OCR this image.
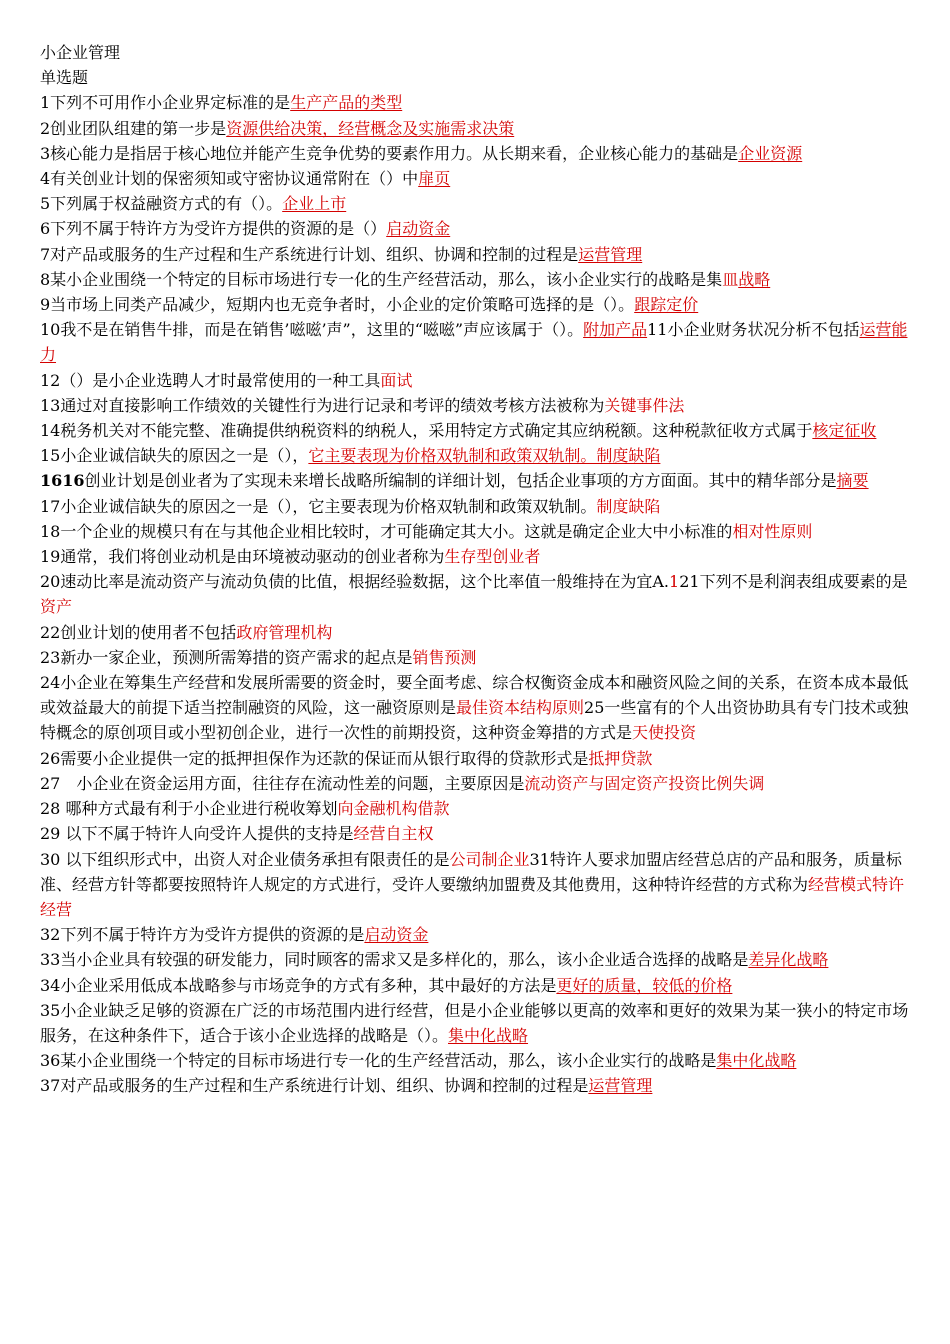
小企业管理

单选题

1下列不可用作小企业界定标准的是生产产品的类型

2创业团队组建的第一步是资源供给决策，经营概念及实施需求决策

3核心能力是指居于核心地位并能产生竞争优势的要素作用力。从长期来看，企业核心能力的基础是企业资源

4有关创业计划的保密须知或守密协议通常附在（）中扉页

5下列属于权益融资方式的有（）。企业上市

6下列不属于特许方为受许方提供的资源的是（）启动资金

7对产品或服务的生产过程和生产系统进行计划、组织、协调和控制的过程是运营管理

8某小企业围绕一个特定的目标市场进行专一化的生产经营活动，那么，该小企业实行的战略是集皿战略

9当市场上同类产品减少，短期内也无竞争者时，小企业的定价策略可选择的是（）。跟踪定价

10我不是在销售牛排，而是在销售’嗞嗞’声”，这里的“嗞嗞”声应该属于（）。附加产品11小企业财务状况分析不包括运营能力

12（）是小企业选聘人才时最常使用的一种工具面试

13通过对直接影响工作绩效的关键性行为进行记录和考评的绩效考核方法被称为关键事件法

14税务机关对不能完整、准确提供纳税资料的纳税人，采用特定方式确定其应纳税额。这种税款征收方式属于核定征收

15小企业诚信缺失的原因之一是（），它主要表现为价格双轨制和政策双轨制。制度缺陷

1616创业计划是创业者为了实现未来增长战略所编制的详细计划，包括企业事项的方方面面。其中的精华部分是摘要

17小企业诚信缺失的原因之一是（），它主要表现为价格双轨制和政策双轨制。制度缺陷

18一个企业的规模只有在与其他企业相比较时，才可能确定其大小。这就是确定企业大中小标准的相对性原则

19通常，我们将创业动机是由环境被动驱动的创业者称为生存型创业者

20速动比率是流动资产与流动负债的比值，根据经验数据，这个比率值一般维持在为宜A.121下列不是利润表组成要素的是资产

22创业计划的使用者不包括政府管理机构

23新办一家企业，预测所需筹措的资产需求的起点是销售预测

24小企业在筹集生产经营和发展所需要的资金时，要全面考虑、综合权衡资金成本和融资风险之间的关系，在资本成本最低或效益最大的前提下适当控制融资的风险，这一融资原则是最佳资本结构原则25一些富有的个人出资协助具有专门技术或独特概念的原创项目或小型初创企业，进行一次性的前期投资，这种资金筹措的方式是天使投资

26需要小企业提供一定的抵押担保作为还款的保证而从银行取得的贷款形式是抵押贷款

27　小企业在资金运用方面，往往存在流动性差的问题，主要原因是流动资产与固定资产投资比例失调

28 哪种方式最有利于小企业进行税收筹划向金融机构借款

29 以下不属于特许人向受许人提供的支持是经营自主权

30 以下组织形式中，出资人对企业债务承担有限责任的是公司制企业31特许人要求加盟店经营总店的产品和服务，质量标准、经营方针等都要按照特许人规定的方式进行，受许人要缴纳加盟费及其他费用，这种特许经营的方式称为经营模式特许经营

32下列不属于特许方为受许方提供的资源的是启动资金

33当小企业具有较强的研发能力，同时顾客的需求又是多样化的，那么，该小企业适合选择的战略是差异化战略

34小企业采用低成本战略参与市场竞争的方式有多种，其中最好的方法是更好的质量，较低的价格

35小企业缺乏足够的资源在广泛的市场范围内进行经营，但是小企业能够以更高的效率和更好的效果为某一狭小的特定市场服务，在这种条件下，适合于该小企业选择的战略是（）。集中化战略

36某小企业围绕一个特定的目标市场进行专一化的生产经营活动，那么，该小企业实行的战略是集中化战略

37对产品或服务的生产过程和生产系统进行计划、组织、协调和控制的过程是运营管理
